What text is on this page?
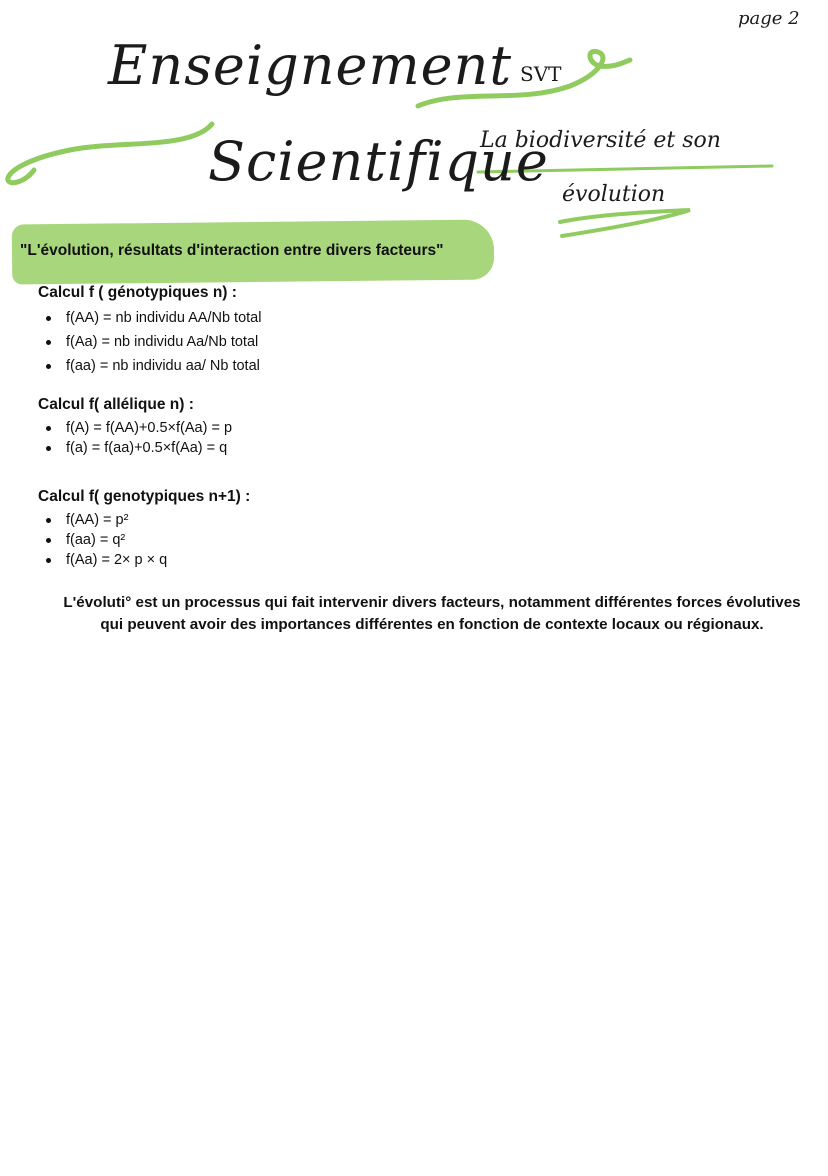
page 2
Enseignement
Scientifique
SVT
La biodiversité et son
évolution
"L'évolution, résultats d'interaction entre divers facteurs"
Calcul f ( génotypiques n) :
f(AA) = nb individu AA/Nb total
f(Aa) = nb individu Aa/Nb total
f(aa) = nb individu aa/ Nb total
Calcul f( allélique n) :
f(A) = f(AA)+0.5×f(Aa) = p
f(a) = f(aa)+0.5×f(Aa) = q
Calcul f( genotypiques n+1) :
f(AA) = p²
f(aa) = q²
f(Aa) = 2× p × q
L'évoluti° est un processus qui fait intervenir divers facteurs, notamment différentes forces évolutives qui peuvent avoir des importances différentes en fonction de contexte locaux ou régionaux.
